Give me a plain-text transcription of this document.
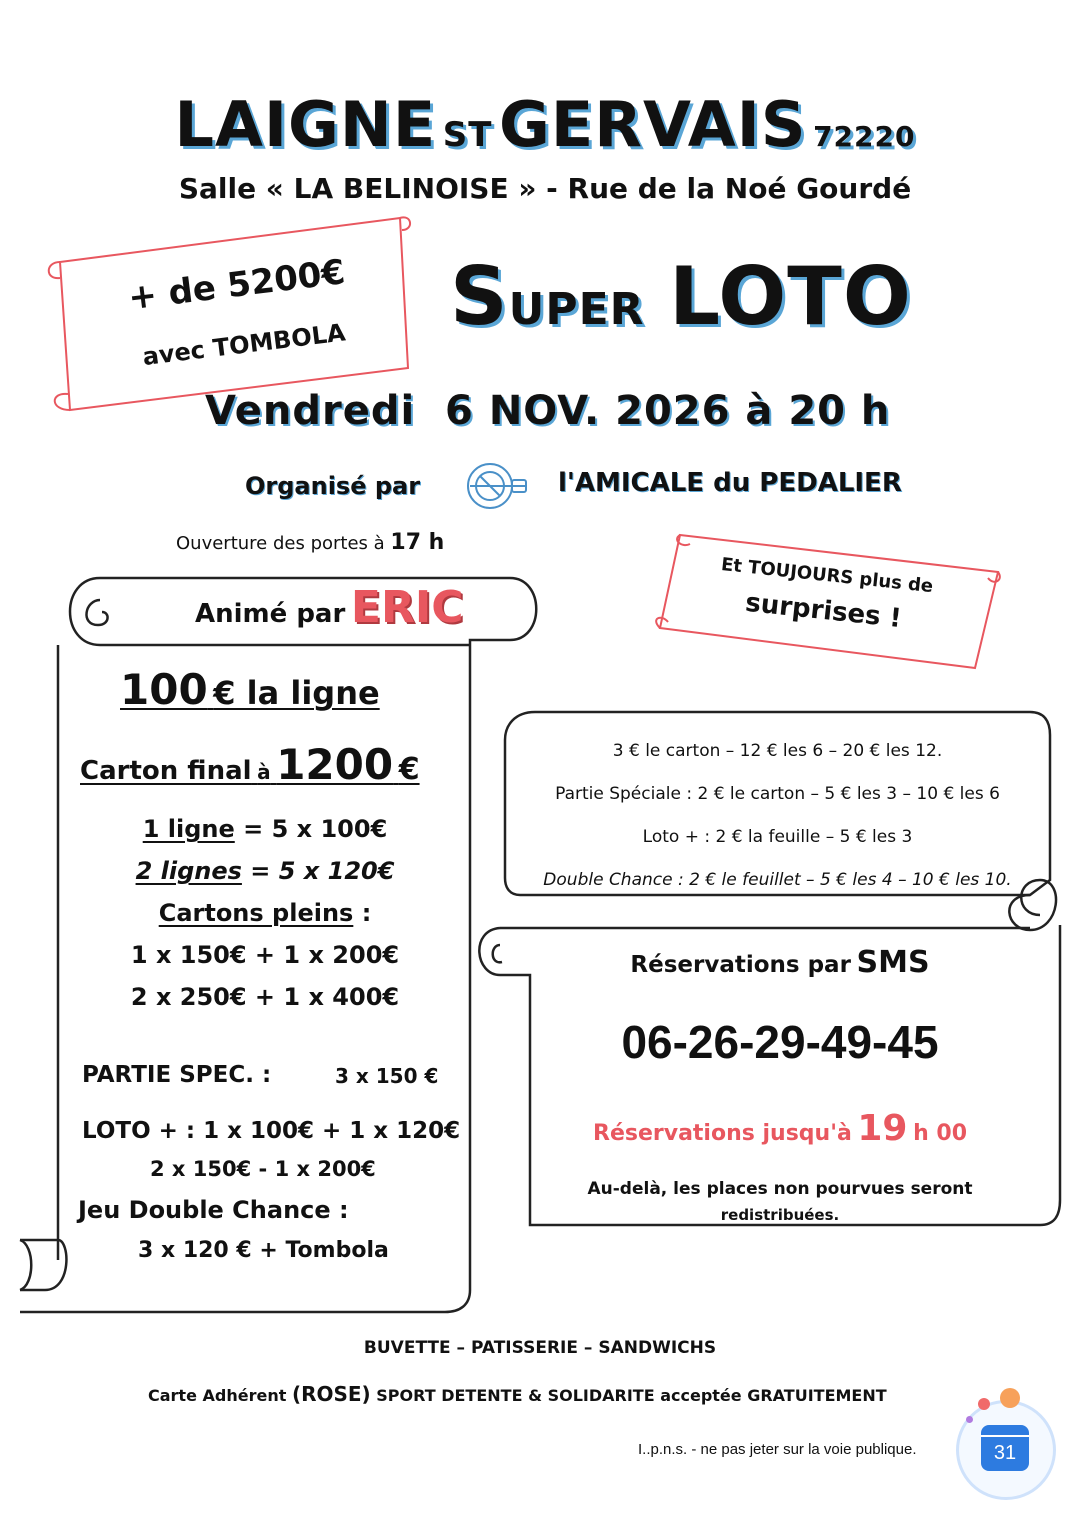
LAIGNE ST GERVAIS 72220
Salle « LA BELINOISE » - Rue de la Noé Gourdé
+ de 5200€
avec TOMBOLA
SUPER LOTO
Vendredi  6 NOV. 2026 à 20 h
Organisé par	l'AMICALE du PEDALIER
Ouverture des portes à 17 h
Et TOUJOURS plus de
surprises !
Animé par ERIC
100 € la ligne
Carton final à 1200 €
1 ligne = 5 x 100€
2 lignes = 5 x 120€
Cartons pleins :
1 x 150€ + 1 x 200€
2 x 250€ + 1 x 400€
PARTIE SPEC. :	3 x 150 €
LOTO + : 1 x 100€ + 1 x 120€
2 x 150€ - 1 x 200€
Jeu Double Chance :
3 x 120 € + Tombola
3 € le carton – 12 € les 6 – 20 € les 12.
Partie Spéciale : 2 € le carton – 5 € les 3 – 10 € les 6
Loto + : 2 € la feuille – 5 € les 3
Double Chance : 2 € le feuillet – 5 € les 4 – 10 € les 10.
Réservations par SMS
06-26-29-49-45
Réservations jusqu'à 19 h 00
Au-delà, les places non pourvues seront
redistribuées.
BUVETTE – PATISSERIE – SANDWICHS
Carte Adhérent (ROSE) SPORT DETENTE & SOLIDARITE acceptée GRATUITEMENT
I..p.n.s. - ne pas jeter sur la voie publique.	31
